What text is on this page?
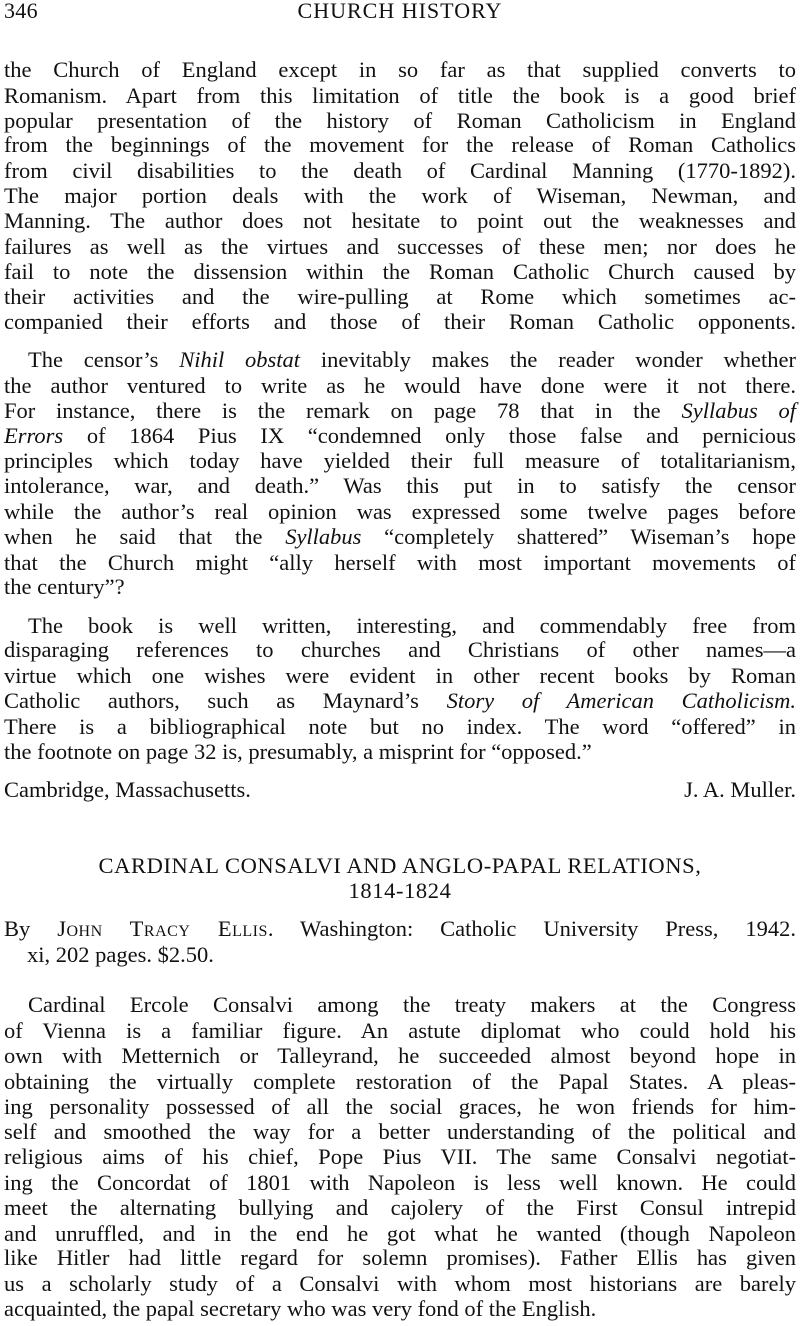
346	CHURCH HISTORY
the Church of England except in so far as that supplied converts to
Romanism. Apart from this limitation of title the book is a good brief
popular presentation of the history of Roman Catholicism in England
from the beginnings of the movement for the release of Roman Catholics
from civil disabilities to the death of Cardinal Manning (1770-1892).
The major portion deals with the work of Wiseman, Newman, and
Manning. The author does not hesitate to point out the weaknesses and
failures as well as the virtues and successes of these men; nor does he
fail to note the dissension within the Roman Catholic Church caused by
their activities and the wire-pulling at Rome which sometimes ac-
companied their efforts and those of their Roman Catholic opponents.
The censor’s Nihil obstat inevitably makes the reader wonder whether
the author ventured to write as he would have done were it not there.
For instance, there is the remark on page 78 that in the Syllabus of
Errors of 1864 Pius IX “condemned only those false and pernicious
principles which today have yielded their full measure of totalitarianism,
intolerance, war, and death.” Was this put in to satisfy the censor
while the author’s real opinion was expressed some twelve pages before
when he said that the Syllabus “completely shattered” Wiseman’s hope
that the Church might “ally herself with most important movements of
the century”?
The book is well written, interesting, and commendably free from
disparaging references to churches and Christians of other names—a
virtue which one wishes were evident in other recent books by Roman
Catholic authors, such as Maynard’s Story of American Catholicism.
There is a bibliographical note but no index. The word “offered” in
the footnote on page 32 is, presumably, a misprint for “opposed.”
Cambridge, Massachusetts.	J. A. Muller.
CARDINAL CONSALVI AND ANGLO-PAPAL RELATIONS,
1814-1824
By John Tracy Ellis. Washington: Catholic University Press, 1942.
xi, 202 pages. $2.50.
Cardinal Ercole Consalvi among the treaty makers at the Congress
of Vienna is a familiar figure. An astute diplomat who could hold his
own with Metternich or Talleyrand, he succeeded almost beyond hope in
obtaining the virtually complete restoration of the Papal States. A pleas-
ing personality possessed of all the social graces, he won friends for him-
self and smoothed the way for a better understanding of the political and
religious aims of his chief, Pope Pius VII. The same Consalvi negotiat-
ing the Concordat of 1801 with Napoleon is less well known. He could
meet the alternating bullying and cajolery of the First Consul intrepid
and unruffled, and in the end he got what he wanted (though Napoleon
like Hitler had little regard for solemn promises). Father Ellis has given
us a scholarly study of a Consalvi with whom most historians are barely
acquainted, the papal secretary who was very fond of the English.
